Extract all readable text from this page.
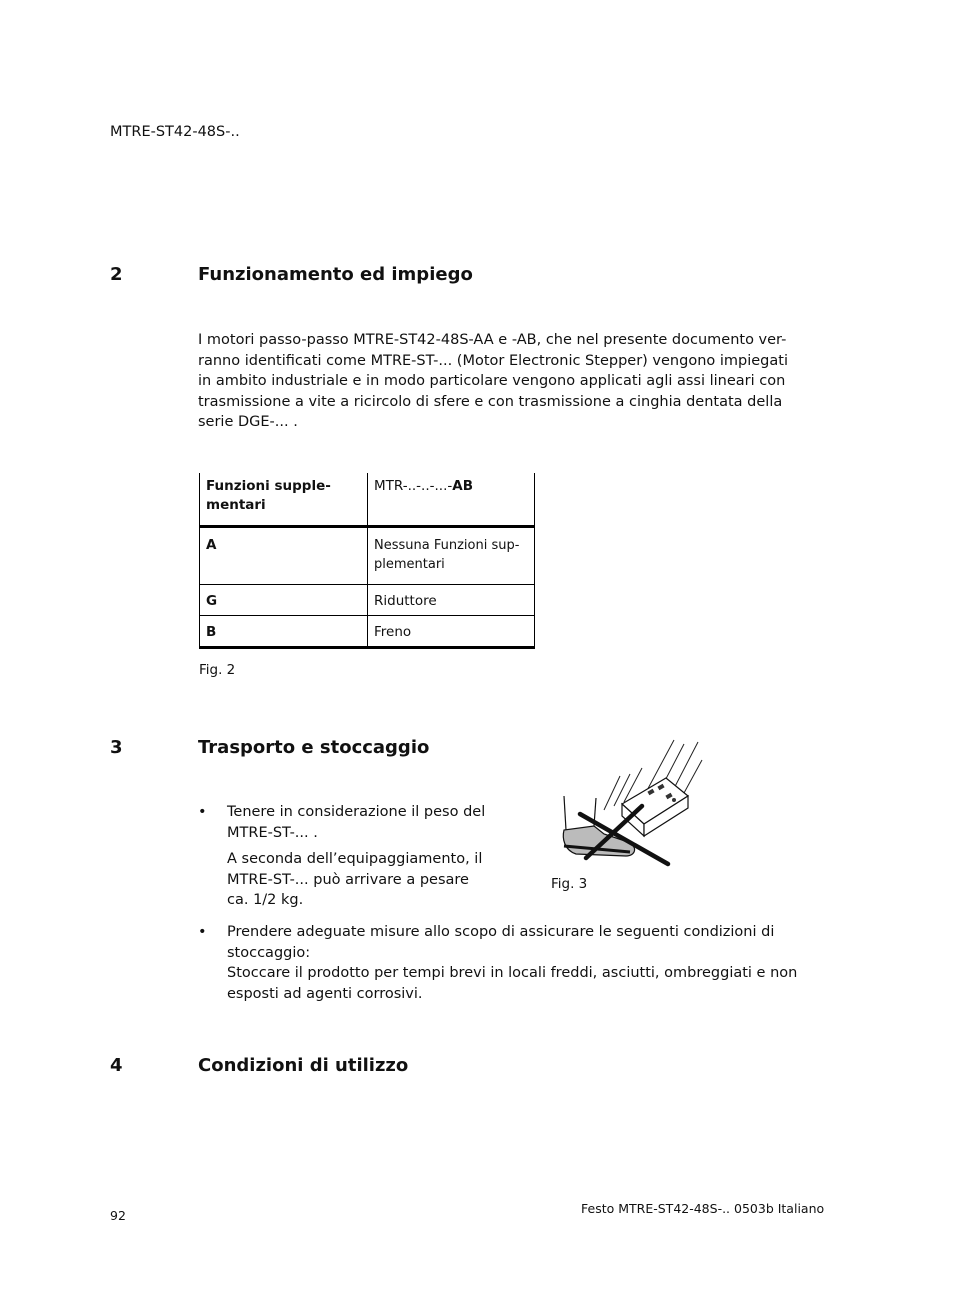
MTRE-ST42-48S-..
2	Funzionamento ed impiego
I motori passo-passo MTRE-ST42-48S-AA e -AB, che nel presente documento ver-
ranno identificati come MTRE-ST-... (Motor Electronic Stepper) vengono impiegati
in ambito industriale e in modo particolare vengono applicati agli assi lineari con
trasmissione a vite a ricircolo di sfere e con trasmissione a cinghia dentata della
serie DGE-... .
Funzioni supple-
mentari	MTR-..-..-...-AB
A	Nessuna Funzioni sup-
plementari
G	Riduttore
B	Freno
Fig. 2
3	Trasporto e stoccaggio
• Tenere in considerazione il peso del
MTRE-ST-... .
A seconda dell’equipaggiamento, il
MTRE-ST-... può arrivare a pesare
ca. 1/2 kg.
Fig. 3
• Prendere adeguate misure allo scopo di assicurare le seguenti condizioni di
stoccaggio:
Stoccare il prodotto per tempi brevi in locali freddi, asciutti, ombreggiati e non
esposti ad agenti corrosivi.
4	Condizioni di utilizzo
92	Festo MTRE-ST42-48S-.. 0503b Italiano
